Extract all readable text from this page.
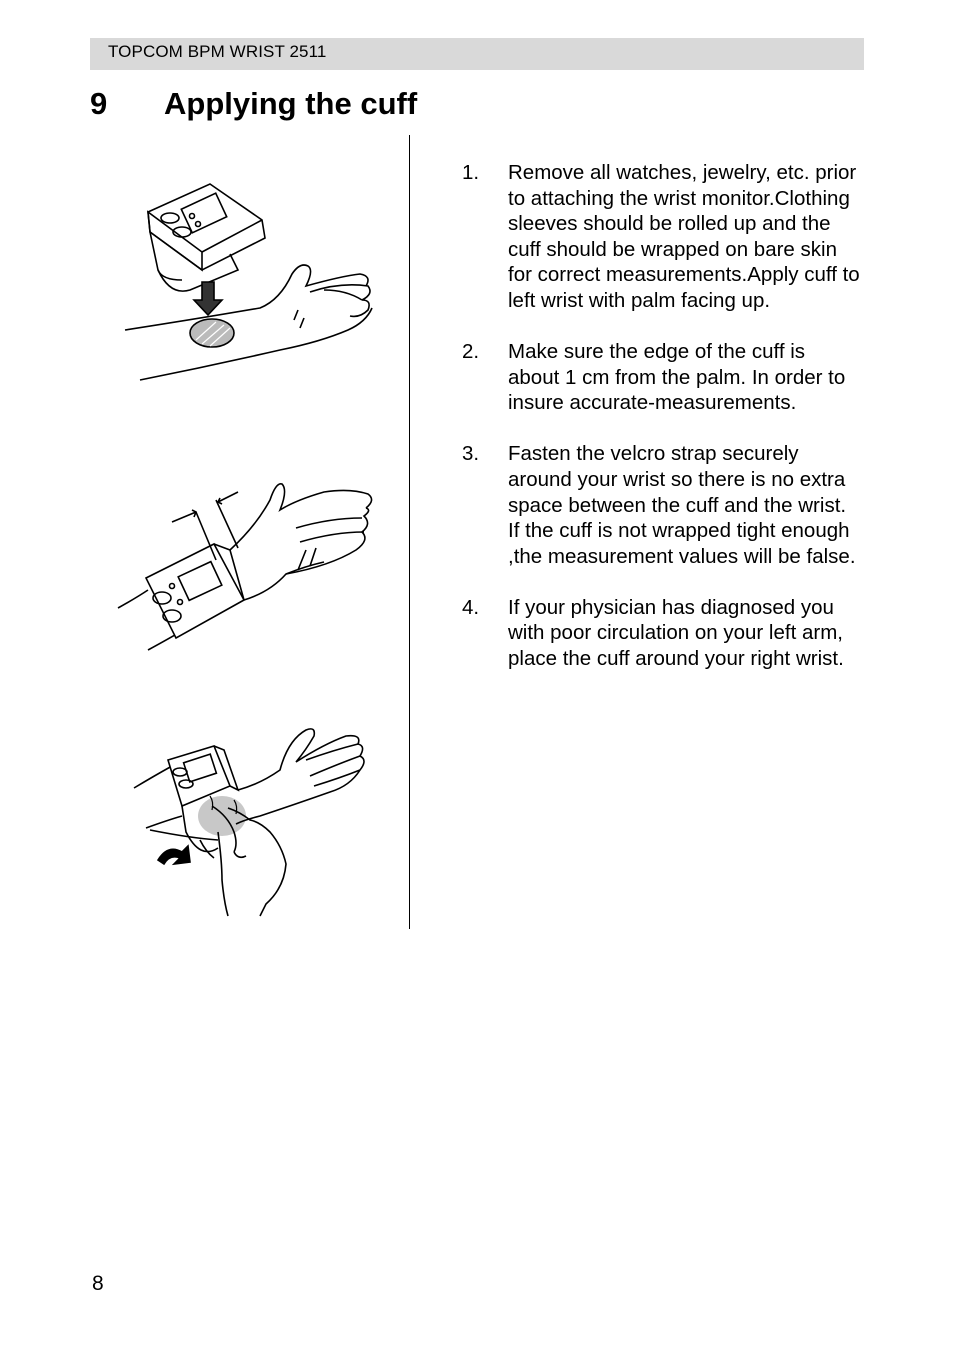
TOPCOM BPM WRIST 2511
9 Applying the cuff
1. Remove all watches, jewelry, etc. prior to attaching the wrist monitor.Clothing sleeves should be rolled up and the cuff should be wrapped on bare skin for correct measurements.Apply cuff to left wrist with palm facing up.
2. Make sure the edge of the cuff is about 1 cm from the palm. In order to insure accurate-measurements.
3. Fasten the velcro strap securely around your wrist so there is no extra space between the cuff and the wrist. If the cuff is not wrapped tight enough ,the measurement values will be false.
4. If your physician has diagnosed you with poor circulation on your left arm, place the cuff around your right wrist.
8
